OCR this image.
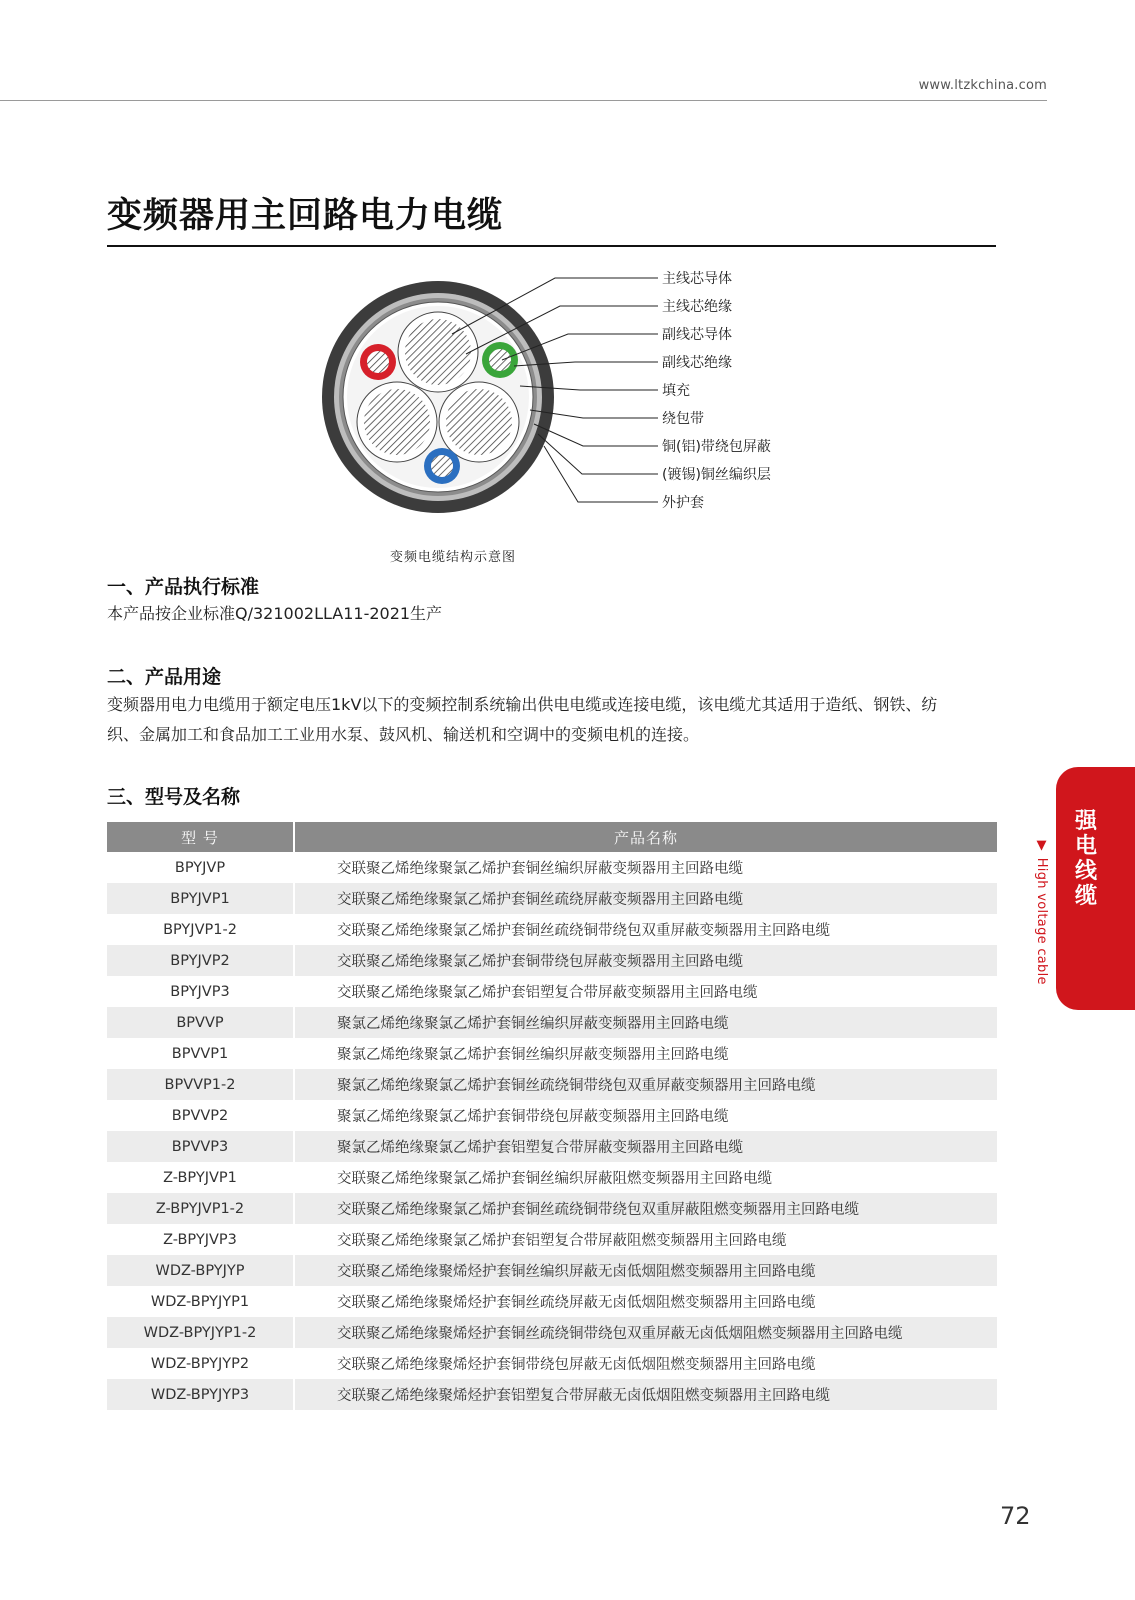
www.ltzkchina.com
变频器用主回路电力电缆
主线芯导体
主线芯绝缘
副线芯导体
副线芯绝缘
填充
绕包带
铜(铝)带绕包屏蔽
(镀锡)铜丝编织层
外护套
变频电缆结构示意图
一、产品执行标准
本产品按企业标准Q/321002LLA11-2021生产
二、产品用途
变频器用电力电缆用于额定电压1kV以下的变频控制系统输出供电电缆或连接电缆，该电缆尤其适用于造纸、钢铁、纺
织、金属加工和食品加工工业用水泵、鼓风机、输送机和空调中的变频电机的连接。
三、型号及名称
型 号	产品名称
BPYJVP	交联聚乙烯绝缘聚氯乙烯护套铜丝编织屏蔽变频器用主回路电缆
BPYJVP1	交联聚乙烯绝缘聚氯乙烯护套铜丝疏绕屏蔽变频器用主回路电缆
BPYJVP1-2	交联聚乙烯绝缘聚氯乙烯护套铜丝疏绕铜带绕包双重屏蔽变频器用主回路电缆
BPYJVP2	交联聚乙烯绝缘聚氯乙烯护套铜带绕包屏蔽变频器用主回路电缆
BPYJVP3	交联聚乙烯绝缘聚氯乙烯护套铝塑复合带屏蔽变频器用主回路电缆
BPVVP	聚氯乙烯绝缘聚氯乙烯护套铜丝编织屏蔽变频器用主回路电缆
BPVVP1	聚氯乙烯绝缘聚氯乙烯护套铜丝编织屏蔽变频器用主回路电缆
BPVVP1-2	聚氯乙烯绝缘聚氯乙烯护套铜丝疏绕铜带绕包双重屏蔽变频器用主回路电缆
BPVVP2	聚氯乙烯绝缘聚氯乙烯护套铜带绕包屏蔽变频器用主回路电缆
BPVVP3	聚氯乙烯绝缘聚氯乙烯护套铝塑复合带屏蔽变频器用主回路电缆
Z-BPYJVP1	交联聚乙烯绝缘聚氯乙烯护套铜丝编织屏蔽阻燃变频器用主回路电缆
Z-BPYJVP1-2	交联聚乙烯绝缘聚氯乙烯护套铜丝疏绕铜带绕包双重屏蔽阻燃变频器用主回路电缆
Z-BPYJVP3	交联聚乙烯绝缘聚氯乙烯护套铝塑复合带屏蔽阻燃变频器用主回路电缆
WDZ-BPYJYP	交联聚乙烯绝缘聚烯烃护套铜丝编织屏蔽无卤低烟阻燃变频器用主回路电缆
WDZ-BPYJYP1	交联聚乙烯绝缘聚烯烃护套铜丝疏绕屏蔽无卤低烟阻燃变频器用主回路电缆
WDZ-BPYJYP1-2	交联聚乙烯绝缘聚烯烃护套铜丝疏绕铜带绕包双重屏蔽无卤低烟阻燃变频器用主回路电缆
WDZ-BPYJYP2	交联聚乙烯绝缘聚烯烃护套铜带绕包屏蔽无卤低烟阻燃变频器用主回路电缆
WDZ-BPYJYP3	交联聚乙烯绝缘聚烯烃护套铝塑复合带屏蔽无卤低烟阻燃变频器用主回路电缆
强电线缆
▼ High voltage cable
72
